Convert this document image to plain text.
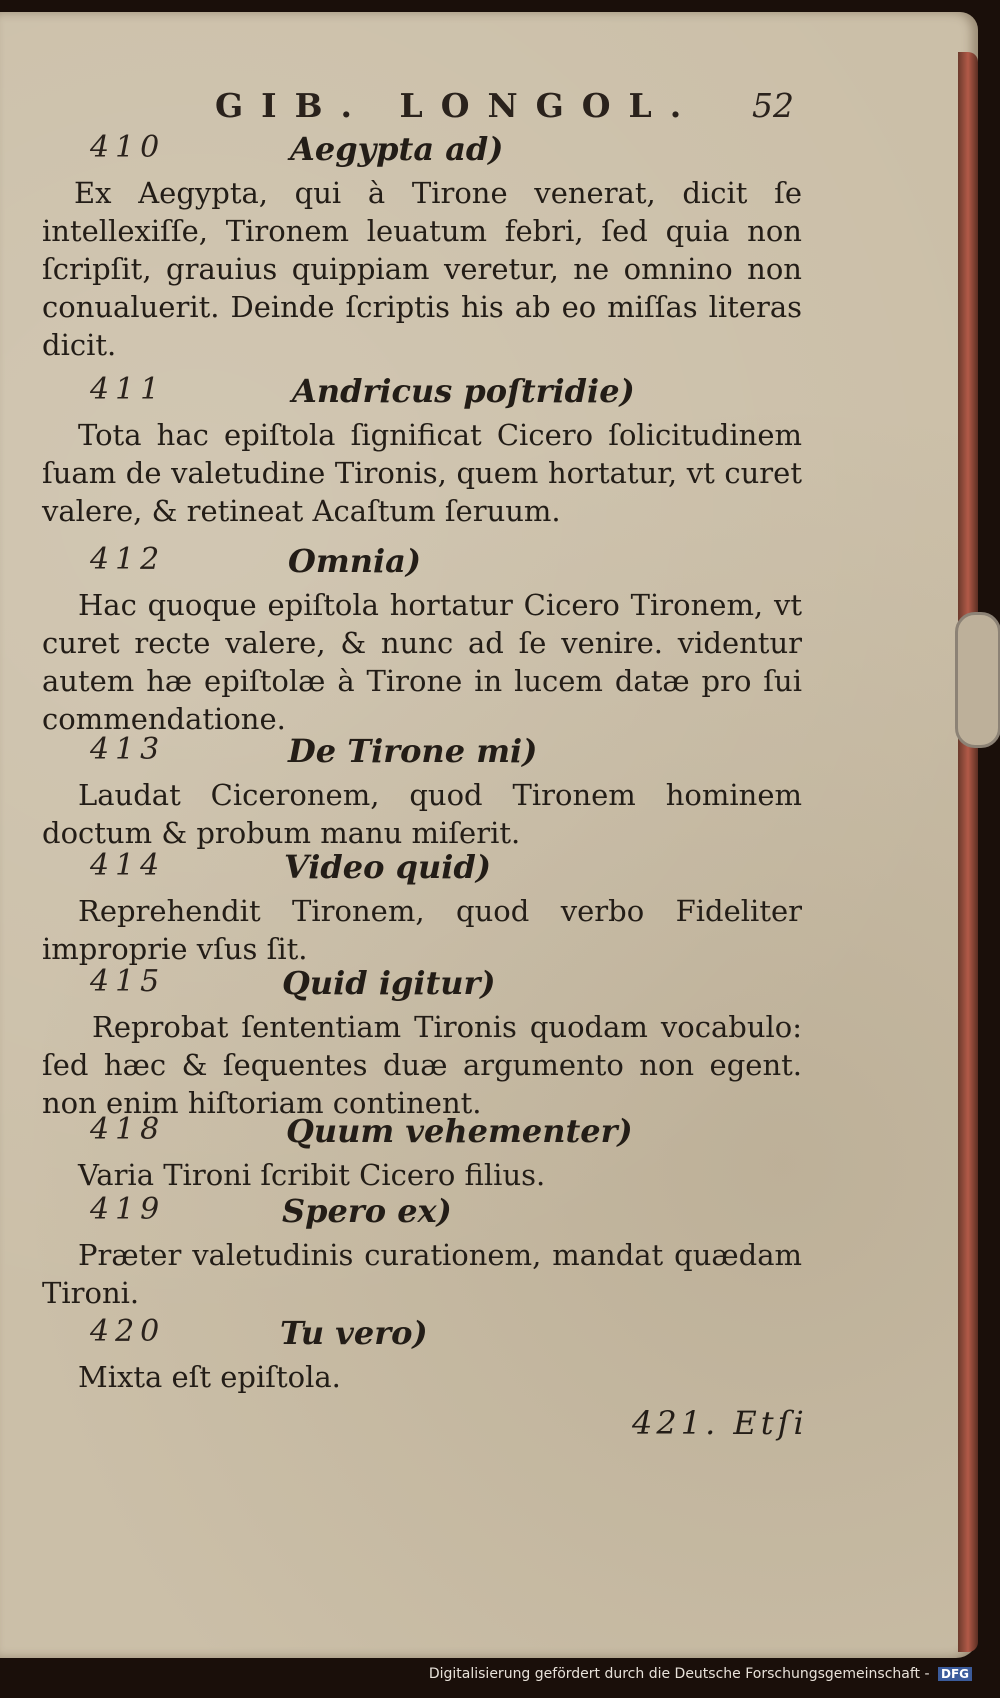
GIB. LONGOL. 52
410	Aegypta ad)

Ex Aegypta, qui à Tirone venerat, dicit ſe intellexiſſe, Tironem leuatum febri, ſed quia non ſcripſit, grauius quippiam veretur, ne omnino non conualuerit. Deinde ſcriptis his ab eo miſſas literas dicit.

411	Andricus poſtridie)

Tota hac epiſtola ſignificat Cicero ſolicitudinem ſuam de valetudine Tironis, quem hortatur, vt curet valere, & retineat Acaſtum ſeruum.

412	Omnia)

Hac quoque epiſtola hortatur Cicero Tironem, vt curet recte valere, & nunc ad ſe venire. videntur autem hæ epiſtolæ à Tirone in lucem datæ pro ſui commendatione.

413	De Tirone mi)

Laudat Ciceronem, quod Tironem hominem doctum & probum manu miſerit.

414	Video quid)

Reprehendit Tironem, quod verbo Fideliter improprie vſus ſit.

415	Quid igitur)

Reprobat ſententiam Tironis quodam vocabulo: ſed hæc & ſequentes duæ argumento non egent. non enim hiſtoriam continent.

418	Quum vehementer)

Varia Tironi ſcribit Cicero filius.

419	Spero ex)

Præter valetudinis curationem, mandat quædam Tironi.

420	Tu vero)

Mixta eſt epiſtola.

421. Etſi
Digitalisierung gefördert durch die Deutsche Forschungsgemeinschaft - DFG
